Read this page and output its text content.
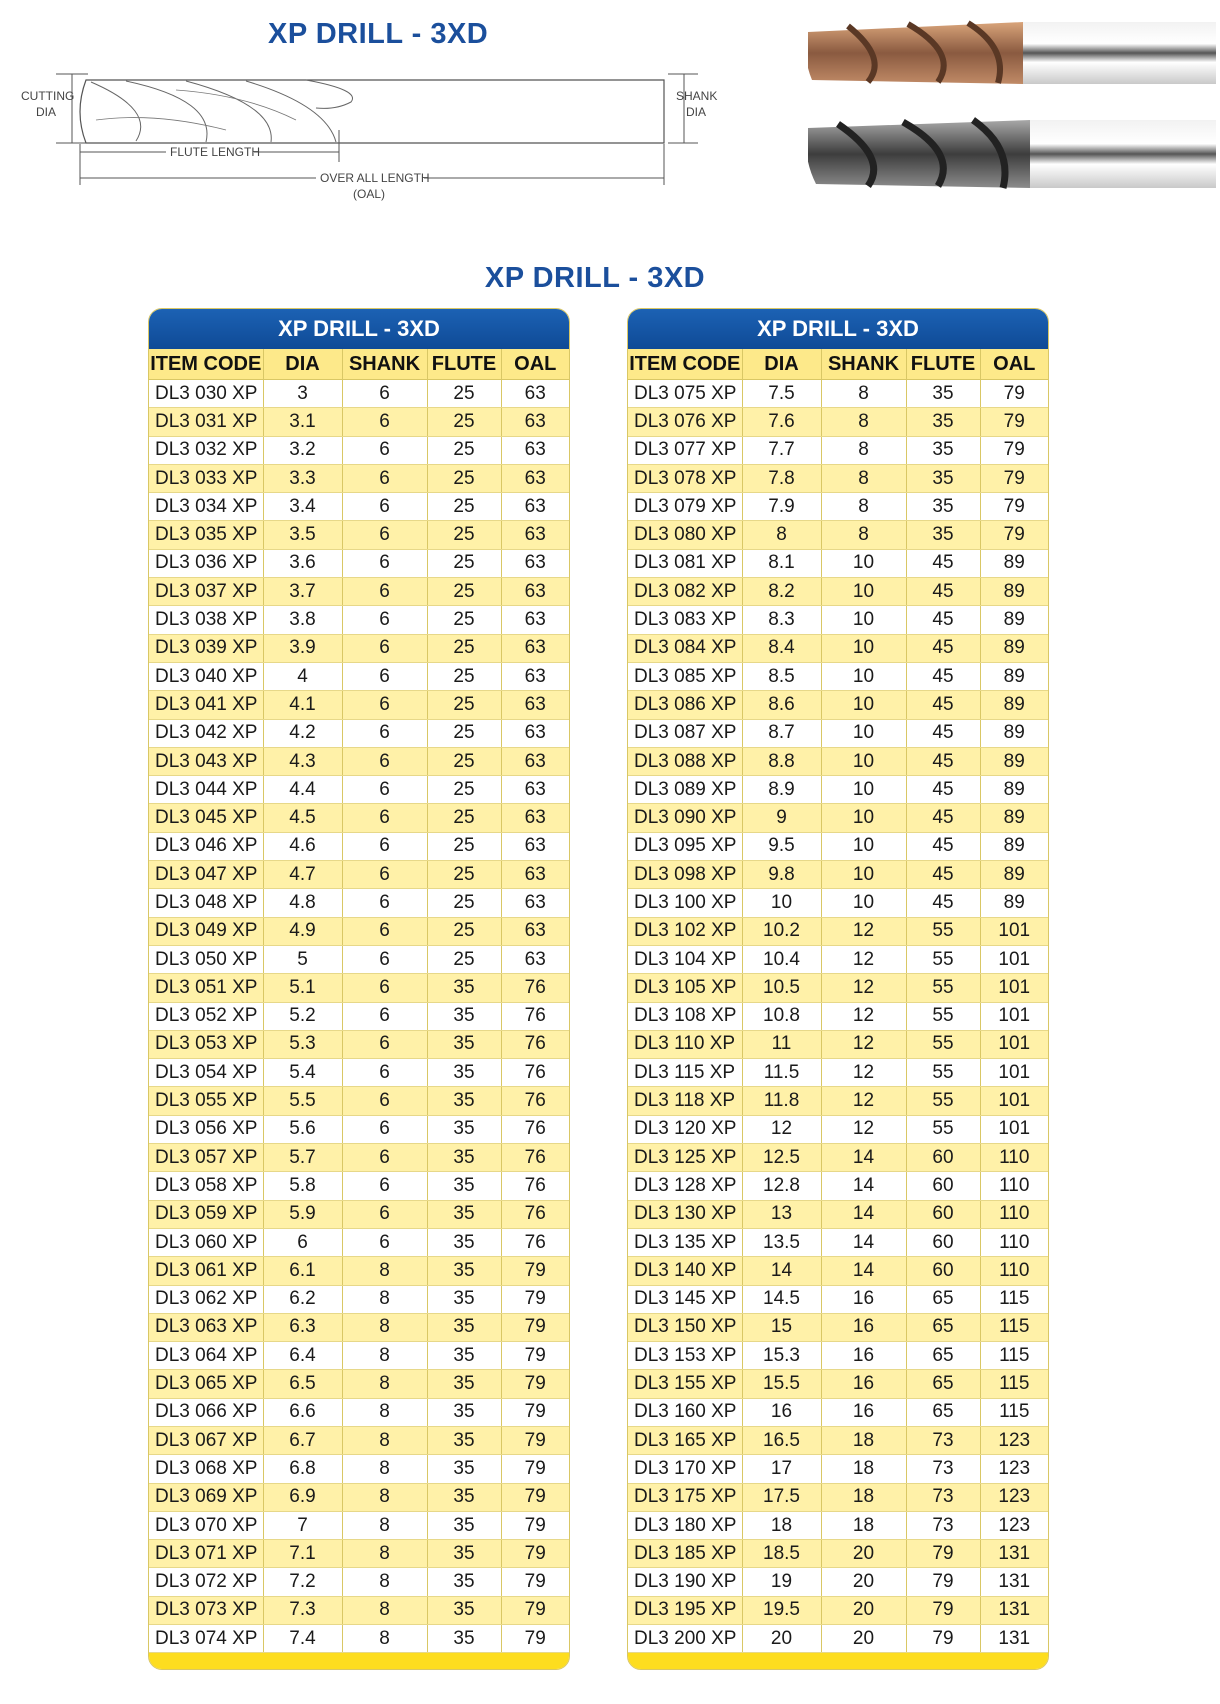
XP DRILL - 3XD
CUTTING
DIA
SHANK
DIA
FLUTE LENGTH
OVER ALL LENGTH
(OAL)
XP DRILL - 3XD
XP DRILL - 3XD
ITEM CODE	DIA	SHANK	FLUTE	OAL
DL3 030 XP	3	6	25	63
DL3 031 XP	3.1	6	25	63
DL3 032 XP	3.2	6	25	63
DL3 033 XP	3.3	6	25	63
DL3 034 XP	3.4	6	25	63
DL3 035 XP	3.5	6	25	63
DL3 036 XP	3.6	6	25	63
DL3 037 XP	3.7	6	25	63
DL3 038 XP	3.8	6	25	63
DL3 039 XP	3.9	6	25	63
DL3 040 XP	4	6	25	63
DL3 041 XP	4.1	6	25	63
DL3 042 XP	4.2	6	25	63
DL3 043 XP	4.3	6	25	63
DL3 044 XP	4.4	6	25	63
DL3 045 XP	4.5	6	25	63
DL3 046 XP	4.6	6	25	63
DL3 047 XP	4.7	6	25	63
DL3 048 XP	4.8	6	25	63
DL3 049 XP	4.9	6	25	63
DL3 050 XP	5	6	25	63
DL3 051 XP	5.1	6	35	76
DL3 052 XP	5.2	6	35	76
DL3 053 XP	5.3	6	35	76
DL3 054 XP	5.4	6	35	76
DL3 055 XP	5.5	6	35	76
DL3 056 XP	5.6	6	35	76
DL3 057 XP	5.7	6	35	76
DL3 058 XP	5.8	6	35	76
DL3 059 XP	5.9	6	35	76
DL3 060 XP	6	6	35	76
DL3 061 XP	6.1	8	35	79
DL3 062 XP	6.2	8	35	79
DL3 063 XP	6.3	8	35	79
DL3 064 XP	6.4	8	35	79
DL3 065 XP	6.5	8	35	79
DL3 066 XP	6.6	8	35	79
DL3 067 XP	6.7	8	35	79
DL3 068 XP	6.8	8	35	79
DL3 069 XP	6.9	8	35	79
DL3 070 XP	7	8	35	79
DL3 071 XP	7.1	8	35	79
DL3 072 XP	7.2	8	35	79
DL3 073 XP	7.3	8	35	79
DL3 074 XP	7.4	8	35	79
XP DRILL - 3XD
ITEM CODE	DIA	SHANK	FLUTE	OAL
DL3 075 XP	7.5	8	35	79
DL3 076 XP	7.6	8	35	79
DL3 077 XP	7.7	8	35	79
DL3 078 XP	7.8	8	35	79
DL3 079 XP	7.9	8	35	79
DL3 080 XP	8	8	35	79
DL3 081 XP	8.1	10	45	89
DL3 082 XP	8.2	10	45	89
DL3 083 XP	8.3	10	45	89
DL3 084 XP	8.4	10	45	89
DL3 085 XP	8.5	10	45	89
DL3 086 XP	8.6	10	45	89
DL3 087 XP	8.7	10	45	89
DL3 088 XP	8.8	10	45	89
DL3 089 XP	8.9	10	45	89
DL3 090 XP	9	10	45	89
DL3 095 XP	9.5	10	45	89
DL3 098 XP	9.8	10	45	89
DL3 100 XP	10	10	45	89
DL3 102 XP	10.2	12	55	101
DL3 104 XP	10.4	12	55	101
DL3 105 XP	10.5	12	55	101
DL3 108 XP	10.8	12	55	101
DL3 110 XP	11	12	55	101
DL3 115 XP	11.5	12	55	101
DL3 118 XP	11.8	12	55	101
DL3 120 XP	12	12	55	101
DL3 125 XP	12.5	14	60	110
DL3 128 XP	12.8	14	60	110
DL3 130 XP	13	14	60	110
DL3 135 XP	13.5	14	60	110
DL3 140 XP	14	14	60	110
DL3 145 XP	14.5	16	65	115
DL3 150 XP	15	16	65	115
DL3 153 XP	15.3	16	65	115
DL3 155 XP	15.5	16	65	115
DL3 160 XP	16	16	65	115
DL3 165 XP	16.5	18	73	123
DL3 170 XP	17	18	73	123
DL3 175 XP	17.5	18	73	123
DL3 180 XP	18	18	73	123
DL3 185 XP	18.5	20	79	131
DL3 190 XP	19	20	79	131
DL3 195 XP	19.5	20	79	131
DL3 200 XP	20	20	79	131
